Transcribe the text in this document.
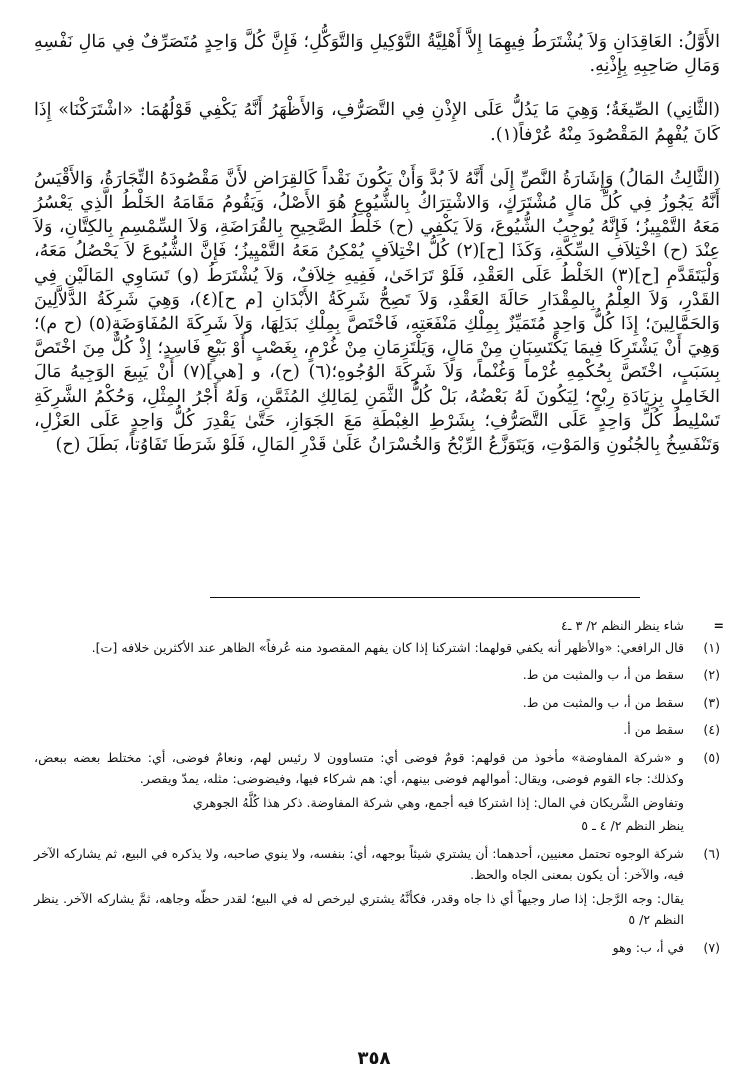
الأَوَّلُ: العَاقِدَانِ وَلاَ يُشْتَرَطُ فِيهِمَا إِلاَّ أَهْلِيَّةُ التَّوْكِيلِ وَالتَّوَكُّلِ؛ فَإِنَّ كُلَّ وَاحِدٍ مُتَصَرِّفٌ فِي مَالِ نَفْسِهِ وَمَالِ صَاحِبِهِ بِإِذْنِهِ.

(الثَّانِي) الصِّيغَةُ؛ وَهِيَ مَا يَدُلُّ عَلَى الإِذْنِ فِي التَّصَرُّفِ، وَالأَظْهَرُ أَنَّهُ يَكْفِي قَوْلُهُمَا: «اشْتَرَكْنَا» إِذَا كَانَ يُفْهِمُ المَقْصُودَ مِنْهُ عُرْفاً(١).

(الثَّالِثُ المَالُ) وَإِشَارَةُ النَّصِّ إِلَىٰ أَنَّهُ لاَ بُدَّ وَأَنْ يَكُونَ نَقْداً كَالقِرَاضِ لأَنَّ مَقْصُودَهُ التِّجَارَةُ، وَالأَقْيَسُ أَنَّهُ يَجُوزُ فِي كُلِّ مَالٍ مُشْتَرَكٍ، وَالاشْتِرَاكُ بِالشُّيُوعِ هُوَ الأَصْلُ، وَيَقُومُ مَقَامَهُ الخَلْطُ الَّذِي يَعْسُرُ مَعَهُ التَّمْيِيزُ؛ فَإِنَّهُ يُوجِبُ الشُّيُوعَ، وَلاَ يَكْفِي (ح) خَلْطُ الصَّحِيحِ بِالقُرَاضَةِ، وَلاَ السِّمْسِمِ بِالكِتَّانِ، وَلاَ عِنْدَ (ح) اخْتِلاَفِ السِّكَّةِ، وَكَذَا [ح](٢) كُلُّ اخْتِلاَفٍ يُمْكِنُ مَعَهُ التَّمْيِيزُ؛ فَإِنَّ الشُّيُوعَ لاَ يَحْصُلُ مَعَهُ، وَلْيَتَقَدَّمِ [ح](٣) الخَلْطُ عَلَى العَقْدِ، فَلَوْ تَرَاخَىٰ، فَفِيهِ خِلاَفٌ، وَلاَ يُشْتَرَطُ (و) تَسَاوِي المَالَيْنِ فِي القَدْرِ، وَلاَ العِلْمُ بِالمِقْدَارِ حَالَةَ العَقْدِ، وَلاَ تَصِحُّ شَرِكَةُ الأَبْدَانِ [م ح](٤)، وَهِيَ شَرِكَةُ الدَّلاَّلِينَ وَالحَمَّالِينَ؛ إِذَا كُلُّ وَاحِدٍ مُتَمَيِّزٌ بِمِلْكِ مَنْفَعَتِهِ، فَاخْتَصَّ بِمِلْكِ بَدَلِهَا، وَلاَ شَرِكَةَ المُفَاوَضَةِ(٥) (ح م)؛ وَهِيَ أَنْ يَشْتَرِكَا فِيمَا يَكْتَسِبَانِ مِنْ مَالٍ، وَيَلْتَزِمَانِ مِنْ غُرْمٍ، بِغَصْبٍ أَوْ بَيْعٍ فَاسِدٍ؛ إِذْ كُلٌّ مِنَ اخْتَصَّ بِسَبَبٍ، اخْتَصَّ بِحُكْمِهِ غُرْماً وَغُنْماً، وَلاَ شَرِكَةَ الوُجُوهِ؛(٦) (ح)، و [هي](٧) أَنْ يَبِيعَ الوَجِيهُ مَالَ الخَامِلِ بِزِيَادَةِ رِبْحٍ؛ لِيَكُونَ لَهُ بَعْضُهُ، بَلْ كُلُّ الثَّمَنِ لِمَالِكِ المُثَمَّنِ، وَلَهُ أَجْرُ المِثْلِ، وَحُكْمُ الشَّرِكَةِ تَسْلِيطُ كُلِّ وَاحِدٍ عَلَى التَّصَرُّفِ؛ بِشَرْطِ الغِبْطَةِ مَعَ الجَوَازِ، حَتَّىٰ يَقْدِرَ كُلُّ وَاحِدٍ عَلَى العَزْلِ، وَتَنْفَسِخُ بِالجُنُونِ وَالمَوْتِ، وَيَتَوَزَّعُ الرِّبْحُ وَالخُسْرَانُ عَلَىٰ قَدْرِ المَالِ، فَلَوْ شَرَطَا تَفَاوُتاً، بَطَلَ (ح)

=
شاء ينظر النظم ٢/ ٣ ـ٤
(١)
قال الرافعي: «والأظهر أنه يكفي قولهما: اشتركنا إذا كان يفهم المقصود منه عُرفاً» الظاهر عند الأكثرين خلافه [ت].
(٢)
سقط من أ، ب والمثبت من ط.
(٣)
سقط من أ، ب والمثبت من ط.
(٤)
سقط من أ.
(٥)
و «شركة المفاوضة» مأخوذ من قولهم: قومٌ فوضى أي: متساوون لا رئيس لهم، ونعامٌ فوضى، أي: مختلط بعضه ببعض، وكذلك: جاء القوم فوضى، ويقال: أموالهم فوضى بينهم، أي: هم شركاء فيها، وفيضوضى: مثله، يمدّ ويقصر.
وتفاوض الشَّريكان في المال: إذا اشتركا فيه أجمع، وهي شركة المفاوضة. ذكر هذا كُلَّهُ الجوهري
ينظر النظم ٢/ ٤ ـ ٥
(٦)
شركة الوجوه تحتمل معنيين، أحدهما: أن يشتري شيئاً بوجهه، أي: بنفسه، ولا ينوي صاحبه، ولا يذكره في البيع، ثم يشاركه الآخر فيه، والآخر: أن يكون بمعنى الجاه والحظ.
يقال: وجه الرَّجل: إذا صار وجيهاً أي ذا جاه وقدر، فكأنَّهُ يشتري ليرخص له في البيع؛ لقدر حظّه وجاهه، ثمَّ يشاركه الآخر. ينظر النظم ٢/ ٥
(٧)
في أ، ب: وهو
٣٥٨
